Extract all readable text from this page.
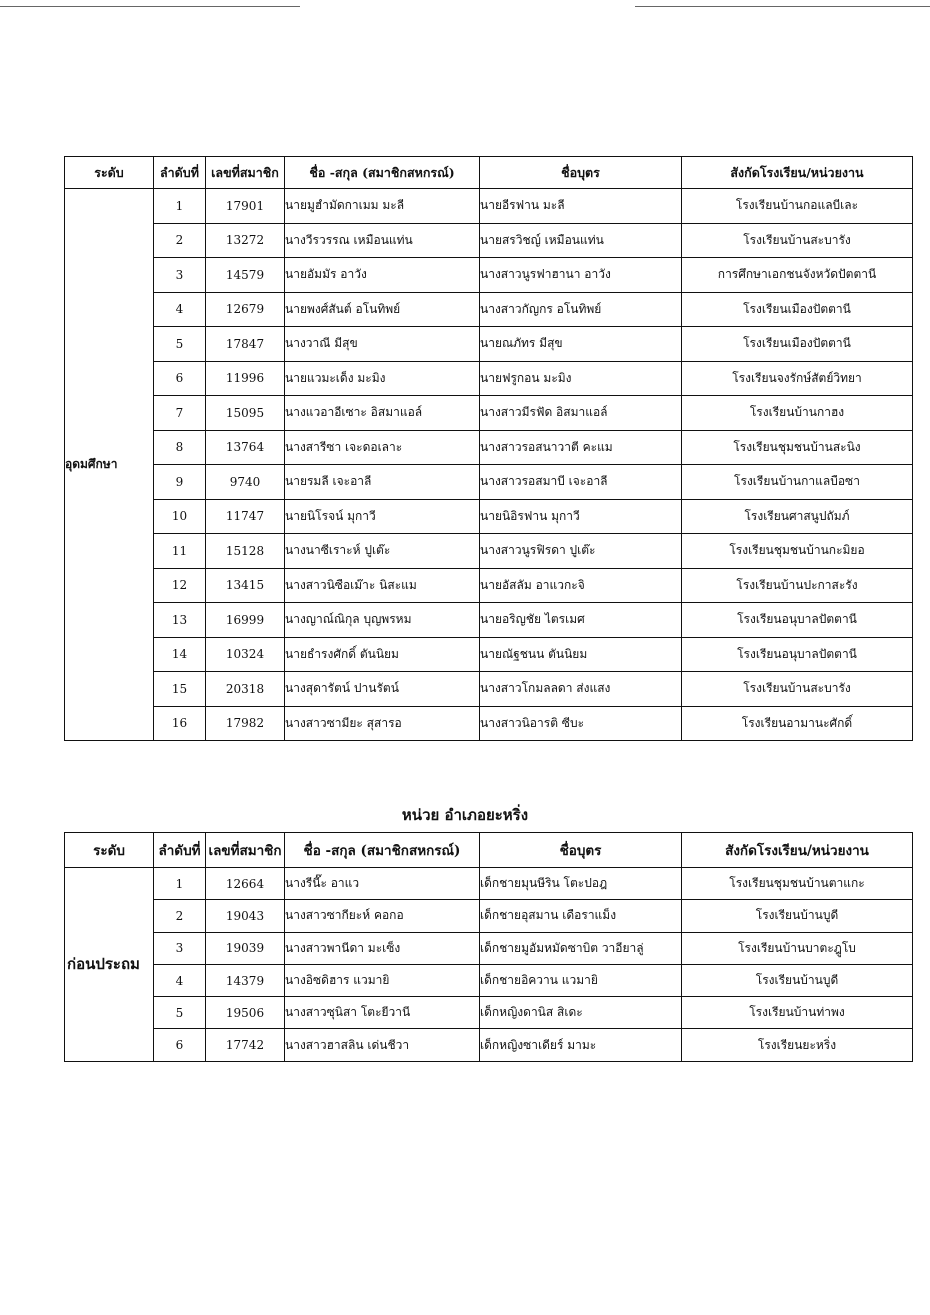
ระดับ	ลำดับที่	เลขที่สมาชิก	ชื่อ -สกุล (สมาชิกสหกรณ์)	ชื่อบุตร	สังกัดโรงเรียน/หน่วยงาน
อุดมศึกษา	1	17901	นายมูฮำมัดกาเมม มะลี	นายอีรฟาน มะลี	โรงเรียนบ้านกอแลบีเละ
	2	13272	นางวีรวรรณ เหมือนแท่น	นายสรวิชญ์ เหมือนแท่น	โรงเรียนบ้านสะบารัง
	3	14579	นายอัมมัร อาวัง	นางสาวนูรฟาฮานา อาวัง	การศึกษาเอกชนจังหวัดปัตตานี
	4	12679	นายพงศ์สันต์ อโนทิพย์	นางสาวกัญกร อโนทิพย์	โรงเรียนเมืองปัตตานี
	5	17847	นางวาณี มีสุข	นายณภัทร มีสุข	โรงเรียนเมืองปัตตานี
	6	11996	นายแวมะเด็ง มะมิง	นายฟรูกอน มะมิง	โรงเรียนจงรักษ์สัตย์วิทยา
	7	15095	นางแวอาอีเซาะ อิสมาแอล์	นางสาวมีรฟัด อิสมาแอล์	โรงเรียนบ้านกาฮง
	8	13764	นางสารีซา เจะดอเลาะ	นางสาวรอสนาวาตี คะแม	โรงเรียนชุมชนบ้านสะนิง
	9	9740	นายรมลี เจะอาลี	นางสาวรอสมาบี เจะอาลี	โรงเรียนบ้านกาแลบือซา
	10	11747	นายนิโรจน์ มุกาวี	นายนิอิรฟาน มุกาวี	โรงเรียนศาสนูปถัมภ์
	11	15128	นางนาซีเราะห์ ปูเต๊ะ	นางสาวนูรฟิรดา ปูเต๊ะ	โรงเรียนชุมชนบ้านกะมิยอ
	12	13415	นางสาวนิซือเม๊าะ นิสะแม	นายอัสลัม อาแวกะจิ	โรงเรียนบ้านปะกาสะรัง
	13	16999	นางญาณ์ณิกุล บุญพรหม	นายอริญชัย ไตรเมศ	โรงเรียนอนุบาลปัตตานี
	14	10324	นายธำรงศักดิ์ ตันนิยม	นายณัฐชนน ตันนิยม	โรงเรียนอนุบาลปัตตานี
	15	20318	นางสุดารัตน์ ปานรัตน์	นางสาวโกมลลดา ส่งแสง	โรงเรียนบ้านสะบารัง
	16	17982	นางสาวซามียะ สุสารอ	นางสาวนิอารติ ซีบะ	โรงเรียนอามานะศักดิ์
หน่วย อำเภอยะหริ่ง
ระดับ	ลำดับที่	เลขที่สมาชิก	ชื่อ -สกุล (สมาชิกสหกรณ์)	ชื่อบุตร	สังกัดโรงเรียน/หน่วยงาน
ก่อนประถม	1	12664	นางรีนี๊ะ อาแว	เด็กชายมุนษีริน โตะปอฎ	โรงเรียนชุมชนบ้านตาแกะ
	2	19043	นางสาวซากียะห์ คอกอ	เด็กชายอุสมาน เดือราแม็ง	โรงเรียนบ้านบูดี
	3	19039	นางสาวพานีดา มะเซ็ง	เด็กชายมูอัมหมัดซาบิต วาอียาลู่	โรงเรียนบ้านบาตะฎูโบ
	4	14379	นางอิซดิฮาร แวมายิ	เด็กชายอิควาน แวมายิ	โรงเรียนบ้านบูดี
	5	19506	นางสาวซุนิสา โตะยีวานี	เด็กหญิงดานิส สิเดะ	โรงเรียนบ้านท่าพง
	6	17742	นางสาวฮาสลิน เด่นชีวา	เด็กหญิงซาเดียร์ มามะ	โรงเรียนยะหริ่ง
